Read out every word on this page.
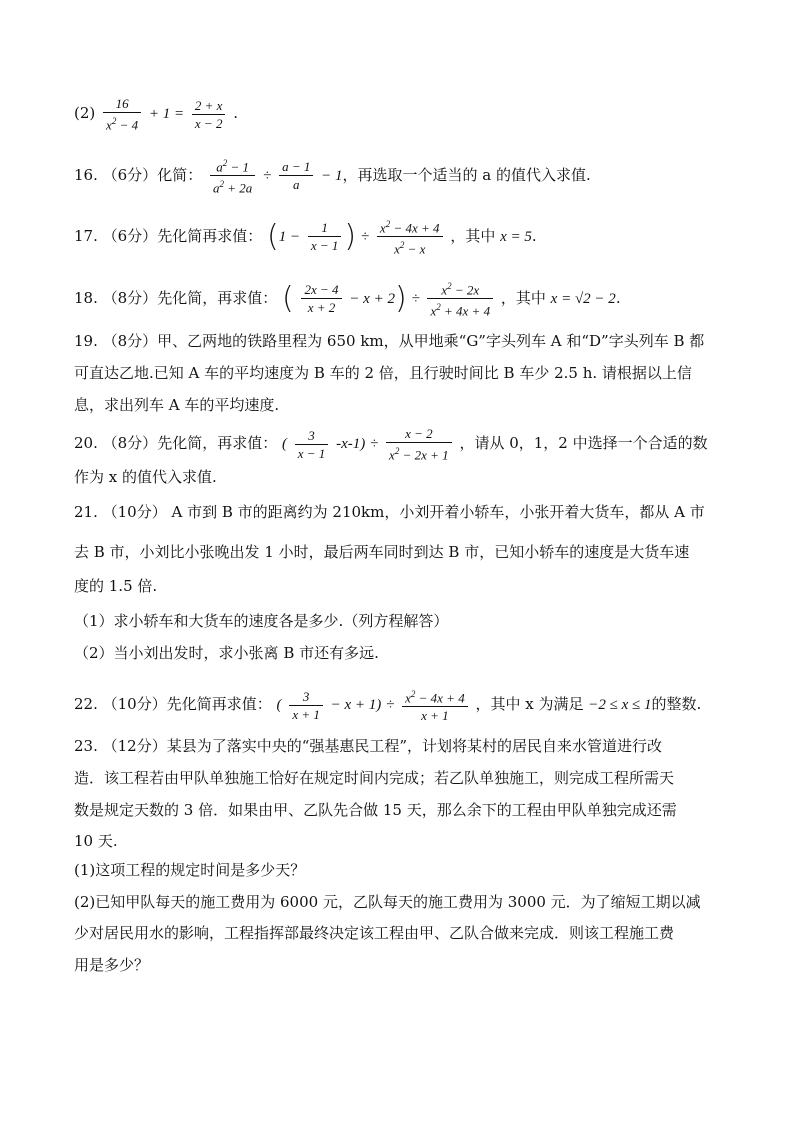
$(2) \frac{16}{x^2 - 4} + 1 = \frac{2 + x}{x - 2}$ .
16. （6分）化简： $\frac{a^2 - 1}{a^2 + 2a} \div \frac{a - 1}{a} - 1$，再选取一个适当的 a 的值代入求值.
17. （6分）先化简再求值： ($1 - \frac{1}{x - 1}$ ) ÷ $\frac{x^2 - 4x + 4}{x^2 - x}$ ，其中 x = 5.
18. （8分）先化简，再求值： ( $\frac{2x - 4}{x + 2} - x + 2) \div \frac{x^2 - 2x}{x^2 + 4x + 4}$ ，其中 x = √2 − 2.
19. （8分）甲、乙两地的铁路里程为 650 km，从甲地乘“G”字头列车 A 和“D”字头列车 B 都
可直达乙地.已知 A 车的平均速度为 B 车的 2 倍，且行驶时间比 B 车少 2.5 h. 请根据以上信
息，求出列车 A 车的平均速度.
20. （8分）先化简，再求值： ( $\frac{3}{x - 1} -x-1) \div \frac{x - 2}{x^2 - 2x + 1}$ ，请从 0，1，2 中选择一个合适的数
作为 x 的值代入求值.
21. （10分） A 市到 B 市的距离约为 210km，小刘开着小轿车，小张开着大货车，都从 A 市
去 B 市，小刘比小张晚出发 1 小时，最后两车同时到达 B 市，已知小轿车的速度是大货车速
度的 1.5 倍.
（1）求小轿车和大货车的速度各是多少.（列方程解答）
（2）当小刘出发时，求小张离 B 市还有多远.
22. （10分）先化简再求值： ( $\frac{3}{x + 1} - x + 1) \div \frac{x^2 - 4x + 4}{x + 1}$ ，其中 x 为满足 −2 ≤ x ≤ 1的整数.
23. （12分）某县为了落实中央的“强基惠民工程”，计划将某村的居民自来水管道进行改
造．该工程若由甲队单独施工恰好在规定时间内完成；若乙队单独施工，则完成工程所需天
数是规定天数的 3 倍．如果由甲、乙队先合做 15 天，那么余下的工程由甲队单独完成还需
10 天.
(1)这项工程的规定时间是多少天？
(2)已知甲队每天的施工费用为 6000 元，乙队每天的施工费用为 3000 元．为了缩短工期以减
少对居民用水的影响，工程指挥部最终决定该工程由甲、乙队合做来完成．则该工程施工费
用是多少？
